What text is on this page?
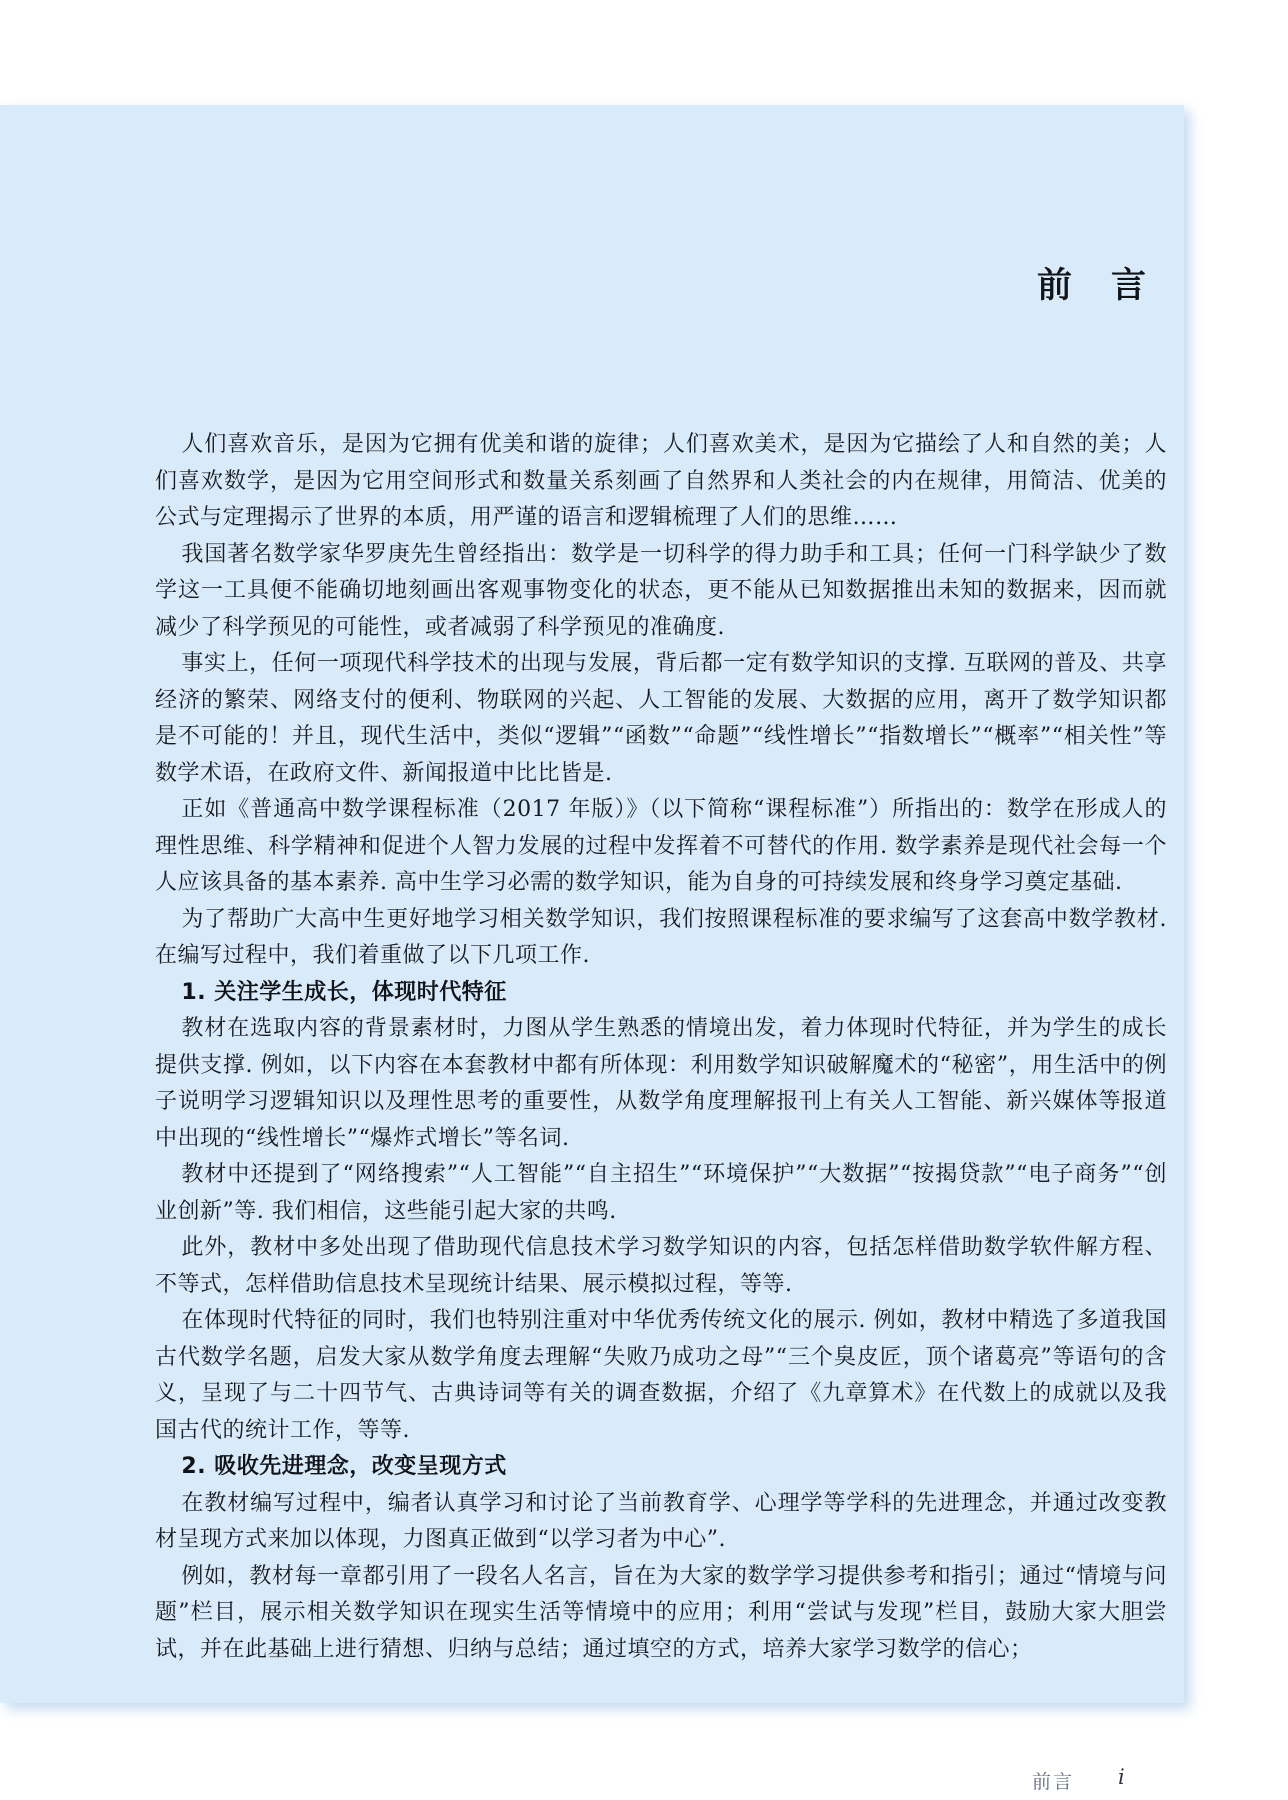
前　言

人们喜欢音乐，是因为它拥有优美和谐的旋律；人们喜欢美术，是因为它描绘了人和自然的美；人们喜欢数学，是因为它用空间形式和数量关系刻画了自然界和人类社会的内在规律，用简洁、优美的公式与定理揭示了世界的本质，用严谨的语言和逻辑梳理了人们的思维……

我国著名数学家华罗庚先生曾经指出：数学是一切科学的得力助手和工具；任何一门科学缺少了数学这一工具便不能确切地刻画出客观事物变化的状态，更不能从已知数据推出未知的数据来，因而就减少了科学预见的可能性，或者减弱了科学预见的准确度.

事实上，任何一项现代科学技术的出现与发展，背后都一定有数学知识的支撑. 互联网的普及、共享经济的繁荣、网络支付的便利、物联网的兴起、人工智能的发展、大数据的应用，离开了数学知识都是不可能的！并且，现代生活中，类似“逻辑”“函数”“命题”“线性增长”“指数增长”“概率”“相关性”等数学术语，在政府文件、新闻报道中比比皆是.

正如《普通高中数学课程标准（2017 年版）》（以下简称“课程标准”）所指出的：数学在形成人的理性思维、科学精神和促进个人智力发展的过程中发挥着不可替代的作用. 数学素养是现代社会每一个人应该具备的基本素养. 高中生学习必需的数学知识，能为自身的可持续发展和终身学习奠定基础.

为了帮助广大高中生更好地学习相关数学知识，我们按照课程标准的要求编写了这套高中数学教材. 在编写过程中，我们着重做了以下几项工作.

1. 关注学生成长，体现时代特征

教材在选取内容的背景素材时，力图从学生熟悉的情境出发，着力体现时代特征，并为学生的成长提供支撑. 例如，以下内容在本套教材中都有所体现：利用数学知识破解魔术的“秘密”，用生活中的例子说明学习逻辑知识以及理性思考的重要性，从数学角度理解报刊上有关人工智能、新兴媒体等报道中出现的“线性增长”“爆炸式增长”等名词.

教材中还提到了“网络搜索”“人工智能”“自主招生”“环境保护”“大数据”“按揭贷款”“电子商务”“创业创新”等. 我们相信，这些能引起大家的共鸣.

此外，教材中多处出现了借助现代信息技术学习数学知识的内容，包括怎样借助数学软件解方程、不等式，怎样借助信息技术呈现统计结果、展示模拟过程，等等.

在体现时代特征的同时，我们也特别注重对中华优秀传统文化的展示. 例如，教材中精选了多道我国古代数学名题，启发大家从数学角度去理解“失败乃成功之母”“三个臭皮匠，顶个诸葛亮”等语句的含义，呈现了与二十四节气、古典诗词等有关的调查数据，介绍了《九章算术》在代数上的成就以及我国古代的统计工作，等等.

2. 吸收先进理念，改变呈现方式

在教材编写过程中，编者认真学习和讨论了当前教育学、心理学等学科的先进理念，并通过改变教材呈现方式来加以体现，力图真正做到“以学习者为中心”.

例如，教材每一章都引用了一段名人名言，旨在为大家的数学学习提供参考和指引；通过“情境与问题”栏目，展示相关数学知识在现实生活等情境中的应用；利用“尝试与发现”栏目，鼓励大家大胆尝试，并在此基础上进行猜想、归纳与总结；通过填空的方式，培养大家学习数学的信心；

前言 i
